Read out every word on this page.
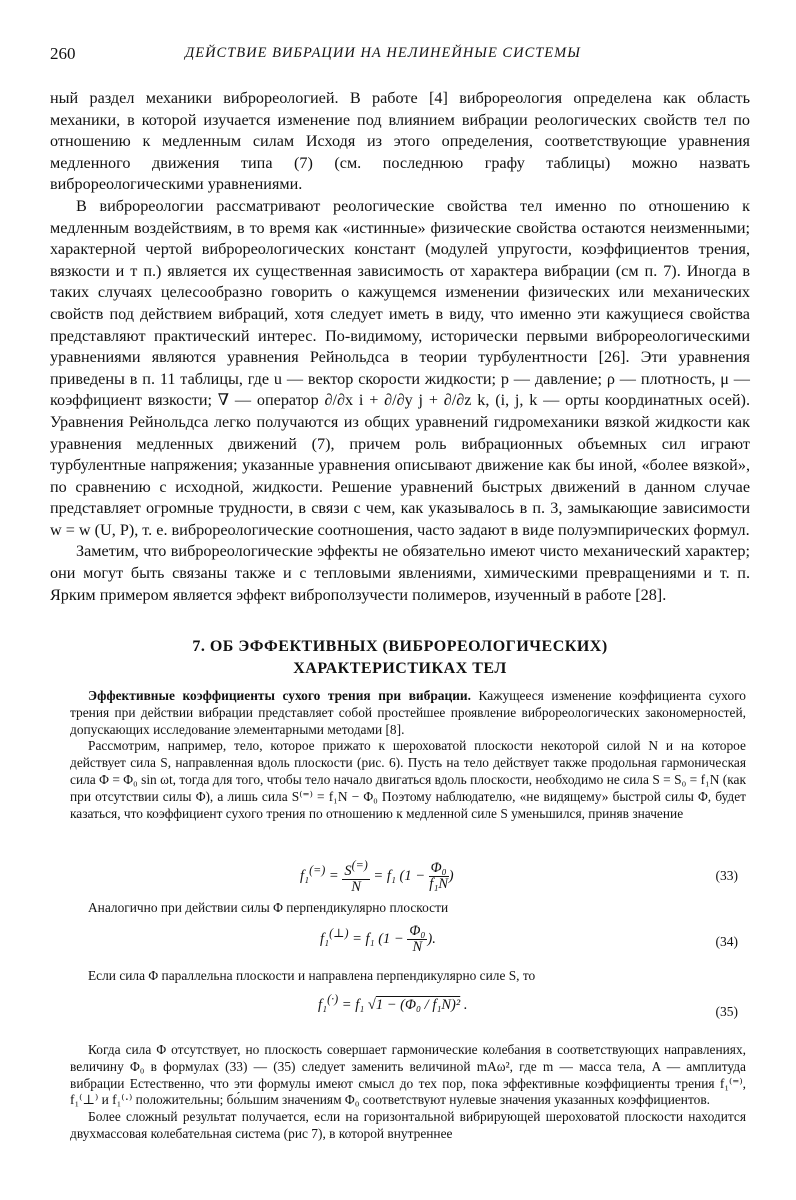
260	ДЕЙСТВИЕ ВИБРАЦИИ НА НЕЛИНЕЙНЫЕ СИСТЕМЫ

ный раздел механики виброреологией. В работе [4] виброреология определена как область механики, в которой изучается изменение под влиянием вибрации реологических свойств тел по отношению к медленным силам Исходя из этого определения, соответствующие уравнения медленного движения типа (7) (см. последнюю графу таблицы) можно назвать виброреологическими уравнениями.

В виброреологии рассматривают реологические свойства тел именно по отношению к медленным воздействиям, в то время как «истинные» физические свойства остаются неизменными; характерной чертой виброреологических констант (модулей упругости, коэффициентов трения, вязкости и т п.) является их существенная зависимость от характера вибрации (см п. 7). Иногда в таких случаях целесообразно говорить о кажущемся изменении физических или механических свойств под действием вибраций, хотя следует иметь в виду, что именно эти кажущиеся свойства представляют практический интерес. По-видимому, исторически первыми виброреологическими уравнениями являются уравнения Рейнольдса в теории турбулентности [26]. Эти уравнения приведены в п. 11 таблицы, где u — вектор скорости жидкости; p — давление; ρ — плотность, μ — коэффициент вязкости; ∇ — оператор ∂/∂x i + ∂/∂y j + ∂/∂z k, (i, j, k — орты координатных осей). Уравнения Рейнольдса легко получаются из общих уравнений гидромеханики вязкой жидкости как уравнения медленных движений (7), причем роль вибрационных объемных сил играют турбулентные напряжения; указанные уравнения описывают движение как бы иной, «более вязкой», по сравнению с исходной, жидкости. Решение уравнений быстрых движений в данном случае представляет огромные трудности, в связи с чем, как указывалось в п. 3, замыкающие зависимости w = w (U, P), т. е. виброреологические соотношения, часто задают в виде полуэмпирических формул.

Заметим, что виброреологические эффекты не обязательно имеют чисто механический характер; они могут быть связаны также и с тепловыми явлениями, химическими превращениями и т. п. Ярким примером является эффект виброползучести полимеров, изученный в работе [28].

7. ОБ ЭФФЕКТИВНЫХ (ВИБРОРЕОЛОГИЧЕСКИХ)
ХАРАКТЕРИСТИКАХ ТЕЛ

Эффективные коэффициенты сухого трения при вибрации. Кажущееся изменение коэффициента сухого трения при действии вибрации представляет собой простейшее проявление виброреологических закономерностей, допускающих исследование элементарными методами [8].

Рассмотрим, например, тело, которое прижато к шероховатой плоскости некоторой силой N и на которое действует сила S, направленная вдоль плоскости (рис. 6). Пусть на тело действует также продольная гармоническая сила Φ = Φ₀ sin ωt, тогда для того, чтобы тело начало двигаться вдоль плоскости, необходимо не сила S = S₀ = f₁N (как при отсутствии силы Φ), а лишь сила S⁽⁼⁾ = f₁N − Φ₀ Поэтому наблюдателю, «не видящему» быстрой силы Φ, будет казаться, что коэффициент сухого трения по отношению к медленной силе S уменьшился, приняв значение

$f_1^{(=)} = \frac{S^{(=)}}{N} = f_1$ ($1 - \frac{\text{Φ₀}}{\text{f₁N}}$ )	(33)

Аналогично при действии силы Φ перпендикулярно плоскости

f₁(⊥) = f₁ ($1 - \frac{\text{Φ₀}}{N}$ ).	(34)

Если сила Φ параллельна плоскости и направлена перпендикулярно силе S, то

f₁(·) = f₁ √1 − (Φ₀ / f₁N)² .	(35)

Когда сила Φ отсутствует, но плоскость совершает гармонические колебания в соответствующих направлениях, величину Φ₀ в формулах (33) — (35) следует заменить величиной mAω², где m — масса тела, A — амплитуда вибрации Естественно, что эти формулы имеют смысл до тех пор, пока эффективные коэффициенты трения f₁⁽⁼⁾, f₁⁽⊥⁾ и f₁⁽·⁾ положительны; бо́льшим значениям Φ₀ соответствуют нулевые значения указанных коэффициентов.

Более сложный результат получается, если на горизонтальной вибрирующей шероховатой плоскости находится двухмассовая колебательная система (рис 7), в которой внутреннее
